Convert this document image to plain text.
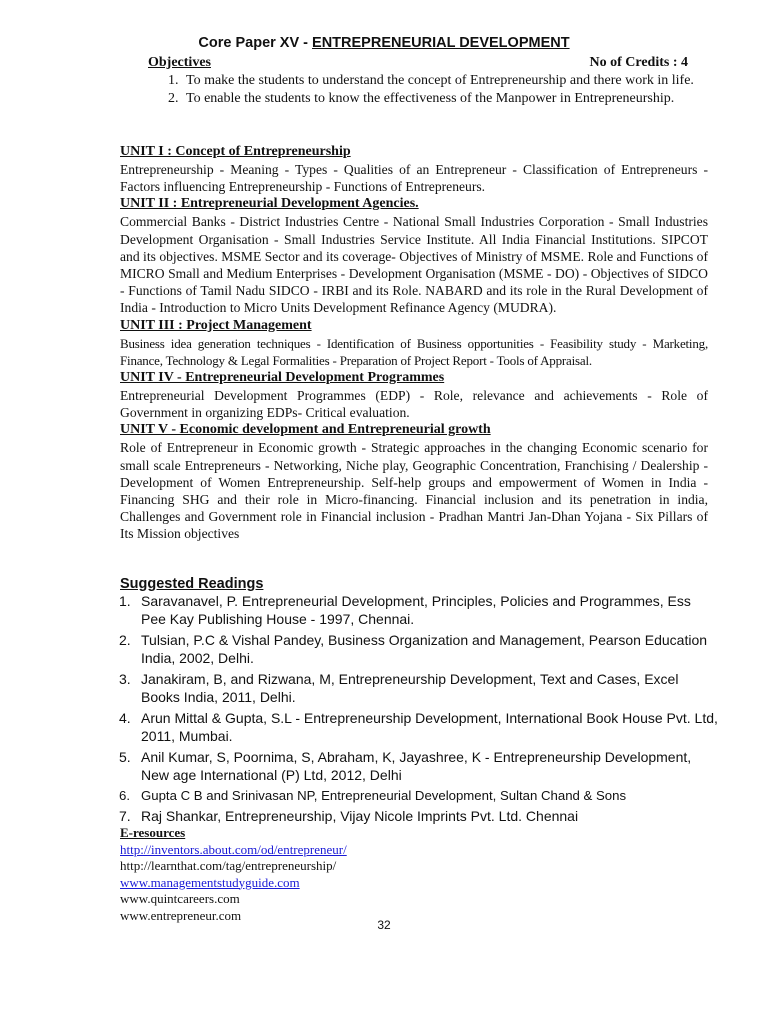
Core Paper XV - ENTREPRENEURIAL DEVELOPMENT
Objectives	No of Credits : 4
1. To make the students to understand the concept of Entrepreneurship and there work in life.
2. To enable the students to know the effectiveness of the Manpower in Entrepreneurship.
UNIT I : Concept of Entrepreneurship
Entrepreneurship - Meaning - Types - Qualities of an Entrepreneur - Classification of Entrepreneurs - Factors influencing Entrepreneurship - Functions of Entrepreneurs.
UNIT II : Entrepreneurial Development Agencies.
Commercial Banks - District Industries Centre - National Small Industries Corporation - Small Industries Development Organisation - Small Industries Service Institute. All India Financial Institutions. SIPCOT and its objectives. MSME Sector and its coverage- Objectives of Ministry of MSME. Role and Functions of MICRO Small and Medium Enterprises - Development Organisation (MSME - DO) - Objectives of SIDCO - Functions of Tamil Nadu SIDCO - IRBI and its Role. NABARD and its role in the Rural Development of India - Introduction to Micro Units Development Refinance Agency (MUDRA).
UNIT III : Project Management
Business idea generation techniques - Identification of Business opportunities - Feasibility study - Marketing, Finance, Technology & Legal Formalities - Preparation of Project Report - Tools of Appraisal.
UNIT IV - Entrepreneurial Development Programmes
Entrepreneurial Development Programmes (EDP) - Role, relevance and achievements - Role of Government in organizing EDPs- Critical evaluation.
UNIT V - Economic development and Entrepreneurial growth
Role of Entrepreneur in Economic growth - Strategic approaches in the changing Economic scenario for small scale Entrepreneurs - Networking, Niche play, Geographic Concentration, Franchising / Dealership - Development of Women Entrepreneurship. Self-help groups and empowerment of Women in India - Financing SHG and their role in Micro-financing. Financial inclusion and its penetration in india, Challenges and Government role in Financial inclusion - Pradhan Mantri Jan-Dhan Yojana - Six Pillars of Its Mission objectives
Suggested Readings
1. Saravanavel, P. Entrepreneurial Development, Principles, Policies and Programmes, Ess Pee Kay Publishing House - 1997, Chennai.
2. Tulsian, P.C & Vishal Pandey, Business Organization and Management, Pearson Education India, 2002, Delhi.
3. Janakiram, B, and Rizwana, M, Entrepreneurship Development, Text and Cases, Excel Books India, 2011, Delhi.
4. Arun Mittal & Gupta, S.L - Entrepreneurship Development, International Book House Pvt. Ltd, 2011, Mumbai.
5. Anil Kumar, S, Poornima, S, Abraham, K, Jayashree, K - Entrepreneurship Development, New age International (P) Ltd, 2012, Delhi
6. Gupta C B and Srinivasan NP, Entrepreneurial Development, Sultan Chand & Sons
7. Raj Shankar, Entrepreneurship, Vijay Nicole Imprints Pvt. Ltd. Chennai
E-resources
http://inventors.about.com/od/entrepreneur/
http://learnthat.com/tag/entrepreneurship/
www.managementstudyguide.com
www.quintcareers.com
www.entrepreneur.com
32
